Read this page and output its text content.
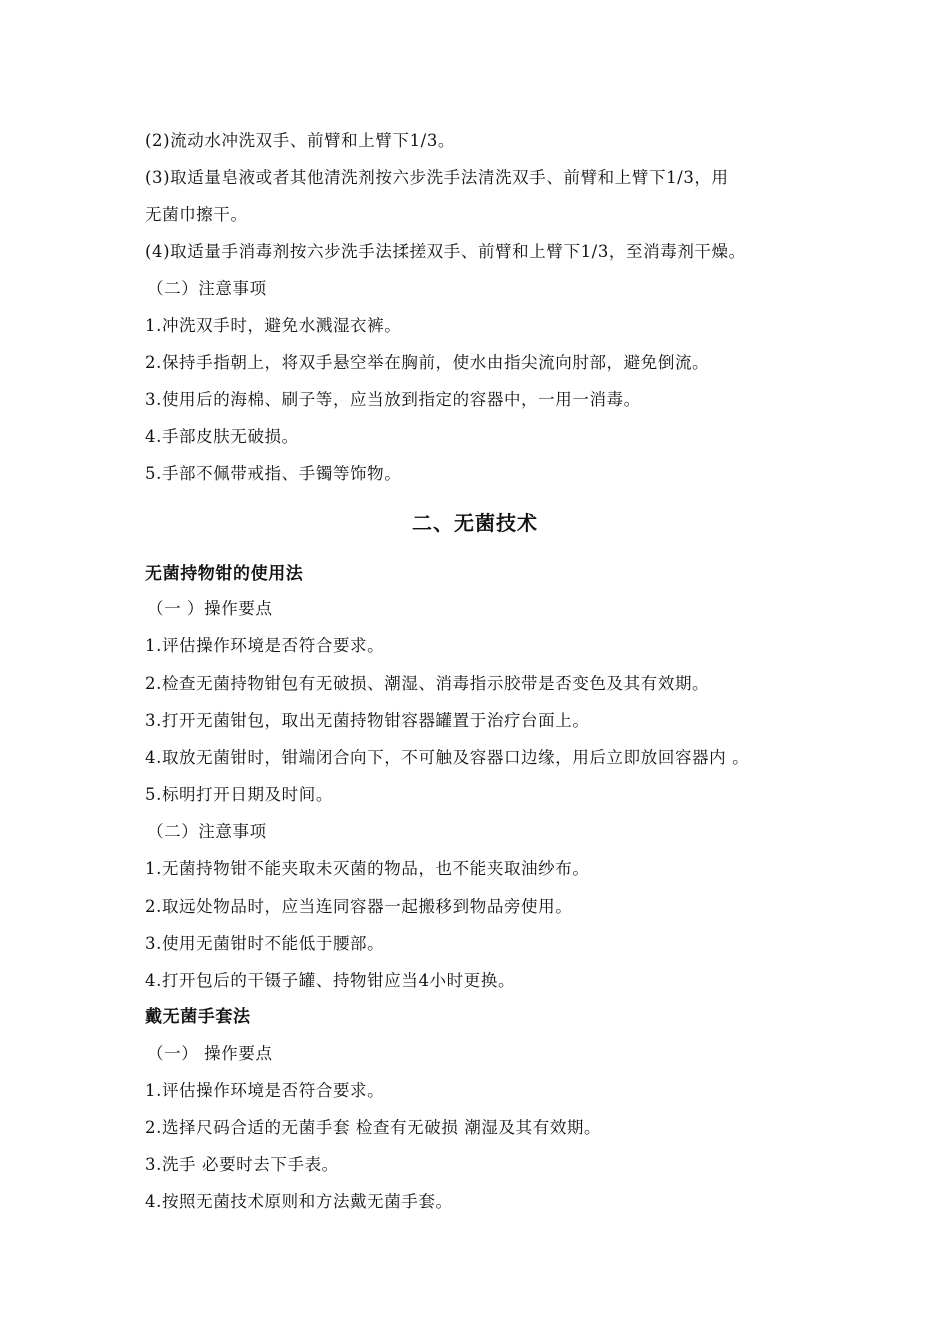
(2)流动水冲洗双手、前臂和上臂下1/3。
(3)取适量皂液或者其他清洗剂按六步洗手法清洗双手、前臂和上臂下1/3，用
无菌巾擦干。
(4)取适量手消毒剂按六步洗手法揉搓双手、前臂和上臂下1/3，至消毒剂干燥。
（二）注意事项
1.冲洗双手时，避免水溅湿衣裤。
2.保持手指朝上，将双手悬空举在胸前，使水由指尖流向肘部，避免倒流。
3.使用后的海棉、刷子等，应当放到指定的容器中，一用一消毒。
4.手部皮肤无破损。
5.手部不佩带戒指、手镯等饰物。
二、无菌技术
无菌持物钳的使用法
（一 ）操作要点
1.评估操作环境是否符合要求。
2.检查无菌持物钳包有无破损、潮湿、消毒指示胶带是否变色及其有效期。
3.打开无菌钳包，取出无菌持物钳容器罐置于治疗台面上。
4.取放无菌钳时，钳端闭合向下，不可触及容器口边缘，用后立即放回容器内 。
5.标明打开日期及时间。
（二）注意事项
1.无菌持物钳不能夹取未灭菌的物品，也不能夹取油纱布。
2.取远处物品时，应当连同容器一起搬移到物品旁使用。
3.使用无菌钳时不能低于腰部。
4.打开包后的干镊子罐、持物钳应当4小时更换。
戴无菌手套法
（一） 操作要点
1.评估操作环境是否符合要求。
2.选择尺码合适的无菌手套 检查有无破损 潮湿及其有效期。
3.洗手 必要时去下手表。
4.按照无菌技术原则和方法戴无菌手套。
